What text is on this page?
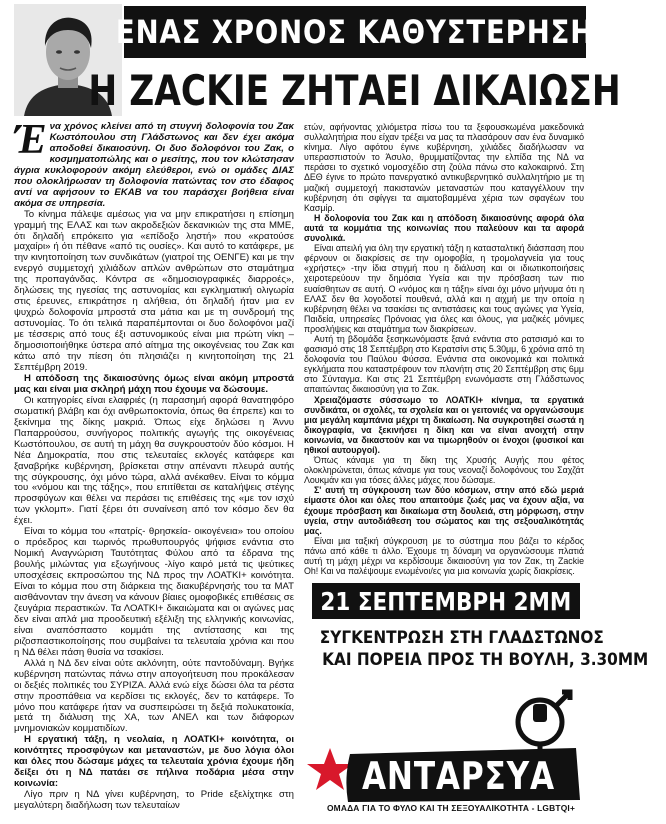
ΕΝΑΣ ΧΡΟΝΟΣ ΚΑΘΥΣΤΕΡΗΣΗ
Η ZACKIE ΖΗΤΑΕΙ ΔΙΚΑΙΩΣΗ

Ένα χρόνος κλείνει από τη στυγνή δολοφονία του Ζακ Κωστόπουλου στη Γλάδστωνος και δεν έχει ακόμα αποδοθεί δικαιοσύνη. Οι δυο δολοφόνοι του Ζακ, ο κοσμηματοπώλης και ο μεσίτης, που τον κλώτσησαν άγρια κυκλοφορούν ακόμη ελεύθεροι, ενώ οι ομάδες ΔΙΑΣ που ολοκλήρωσαν τη δολοφονία πατώντας τον στο έδαφος αντί να αφήσουν το ΕΚΑΒ να του παράσχει βοήθεια είναι ακόμα σε υπηρεσία.

Το κίνημα πάλεψε αμέσως για να μην επικρατήσει η επίσημη γραμμή της ΕΛΑΣ και των ακροδεξιών δεκανικιών της στα ΜΜΕ, ότι δηλαδή επρόκειτο για «επίδοξο ληστή» που «κρατούσε μαχαίρι» ή ότι πέθανε «από τις ουσίες». Και αυτό το κατάφερε, με την κινητοποίηση των συνδικάτων (γιατροί της ΟΕΝΓΕ) και με την ενεργό συμμετοχή χιλιάδων απλών ανθρώπων στο σταμάτημα της προπαγάνδας. Κόντρα σε «δημοσιογραφικές διαρροές», δηλώσεις της ηγεσίας της αστυνομίας και εγκληματική ολιγωρία στις έρευνες, επικράτησε η αλήθεια, ότι δηλαδή ήταν μια εν ψυχρώ δολοφονία μπροστά στα μάτια και με τη συνδρομή της αστυνομίας. Το ότι τελικά παραπέμπονται οι δυο δολοφόνοι μαζί με τέσσερις από τους έξι αστυνομικούς είναι μια πρώτη νίκη –δημοσιοποιήθηκε ύστερα από αίτημα της οικογένειας του Ζακ και κάτω από την πίεση ότι πλησιάζει η κινητοποίηση της 21 Σεπτέμβρη 2019.

Η απόδοση της δικαιοσύνης όμως είναι ακόμη μπροστά μας και είναι μια σκληρή μάχη που έχουμε να δώσουμε.

Οι κατηγορίες είναι ελαφριές (η παρασημή αφορά θανατηφόρο σωματική βλάβη και όχι ανθρωποκτονία, όπως θα έπρεπε) και το ξεκίνημα της δίκης μακριά. Όπως είχε δηλώσει η Άννυ Παπαρρούσου, συνήγορος πολιτικής αγωγής της οικογένειας Κωστόπουλου, σε αυτή τη μάχη θα συγκρουστούν δύο κόσμοι. Η Νέα Δημοκρατία, που στις τελευταίες εκλογές κατάφερε και ξαναβρήκε κυβέρνηση, βρίσκεται στην απέναντι πλευρά αυτής της σύγκρουσης, όχι μόνο τώρα, αλλά ανέκαθεν. Είναι το κόμμα του «νόμου και της τάξης», που επιτίθεται σε καταλήψεις στέγης προσφύγων και θέλει να περάσει τις επιθέσεις της «με τον ισχύ των γκλομπ». Γιατί ξέρει ότι συναίνεση από τον κόσμο δεν θα έχει.

Είναι το κόμμα του «πατρίς- θρησκεία- οικογένεια» του οποίου ο πρόεδρος και τωρινός πρωθυπουργός ψήφισε ενάντια στο Νομική Αναγνώριση Ταυτότητας Φύλου από τα έδρανα της βουλής μιλώντας για εξωγήινους -λίγο καιρό μετά τις ψεύτικες υποσχέσεις εκπροσώπου της ΝΔ προς την ΛΟΑΤΚΙ+ κοινότητα. Είναι το κόμμα που στη διάρκεια της διακυβέρνησής του τα ΜΑΤ αισθάνονταν την άνεση να κάνουν βίαιες ομοφοβικές επιθέσεις σε ζευγάρια περαστικών. Τα ΛΟΑΤΚΙ+ δικαιώματα και οι αγώνες μας δεν είναι απλά μια προοδευτική εξέλιξη της ελληνικής κοινωνίας, είναι αναπόσπαστο κομμάτι της αντίστασης και της ριζοσπαστικοποίησης που συμβαίνει τα τελευταία χρόνια και που η ΝΔ θέλει πάση θυσία να τσακίσει.

Αλλά η ΝΔ δεν είναι ούτε ακλόνητη, ούτε παντοδύναμη. Βγήκε κυβέρνηση πατώντας πάνω στην απογοήτευση που προκάλεσαν οι δεξιές πολιτικές του ΣΥΡΙΖΑ. Αλλά ενώ είχε δώσει όλα τα ρέστα στην προσπάθεια να κερδίσει τις εκλογές, δεν το κατάφερε. Το μόνο που κατάφερε ήταν να συσπειρώσει τη δεξιά πολυκατοικία, μετά τη διάλυση της ΧΑ, των ΑΝΕΛ και των διάφορων μνημονιακών κομματιδίων.

Η εργατική τάξη, η νεολαία, η ΛΟΑΤΚΙ+ κοινότητα, οι κοινότητες προσφύγων και μεταναστών, με δυο λόγια όλοι και όλες που δώσαμε μάχες τα τελευταία χρόνια έχουμε ήδη δείξει ότι η ΝΔ πατάει σε πήλινα ποδάρια μέσα στην κοινωνία:

Λίγο πριν η ΝΔ γίνει κυβέρνηση, το Pride εξελίχτηκε στη μεγαλύτερη διαδήλωση των τελευταίων

ετών, αφήνοντας χιλιόμετρα πίσω του τα ξεφουσκωμένα μακεδονικά συλλαλητήρια που είχαν τρέξει να μας τα πλασάρουν σαν ένα δυναμικό κίνημα. Λίγο αφότου έγινε κυβέρνηση, χιλιάδες διαδήλωσαν να υπερασπιστούν το Άσυλο, θρυμματίζοντας την ελπίδα της ΝΔ να περάσει το σχετικό νομοσχέδιο στη ζούλα πάνω στο καλοκαιρινό. Στη ΔΕΘ έγινε το πρώτο πανεργατικό αντικυβερνητικό συλλαλητήριο με τη μαζική συμμετοχή πακιστανών μεταναστών που καταγγέλλουν την κυβέρνηση ότι σφίγγει τα αιματοβαμμένα χέρια των σφαγέων του Κασμίρ.

Η δολοφονία του Ζακ και η απόδοση δικαιοσύνης αφορά όλα αυτά τα κομμάτια της κοινωνίας που παλεύουν και τα αφορά συνολικά.

Είναι απειλή για όλη την εργατική τάξη η κατασταλτική διάσπαση που φέρνουν οι διακρίσεις σε την ομοφοβία, η τρομολαγνεία για τους «χρήστες» -την ίδια στιγμή που η διάλυση και οι ιδιωτικοποιήσεις χειροτερεύουν την δημόσια Υγεία και την πρόσβαση των πιο ευαίσθητων σε αυτή. Ο «νόμος και η τάξη» είναι όχι μόνο μήνυμα ότι η ΕΛΑΣ δεν θα λογοδοτεί πουθενά, αλλά και η αιχμή με την οποία η κυβέρνηση θέλει να τσακίσει τις αντιστάσεις και τους αγώνες για Υγεία, Παιδεία, υπηρεσίες Πρόνοιας για όλες και όλους, για μαζικές μόνιμες προσλήψεις και σταμάτημα των διακρίσεων.

Αυτή τη βδομάδα ξεσηκωνόμαστε ξανά ενάντια στο ρατσισμό και το φασισμό στις 18 Σεπτέμβρη στο Κερατσίνι στις 5.30μμ, 6 χρόνια από τη δολοφονία του Παύλου Φύσσα. Ενάντια στα οικονομικά και πολιτικά εγκλήματα που καταστρέφουν τον πλανήτη στις 20 Σεπτέμβρη στις 6μμ στο Σύνταγμα. Και στις 21 Σεπτέμβρη ενωνόμαστε στη Γλάδστωνος απαιτώντας δικαιοσύνη για το Ζακ.

Χρειαζόμαστε σύσσωμο το ΛΟΑΤΚΙ+ κίνημα, τα εργατικά συνδικάτα, οι σχολές, τα σχολεία και οι γειτονιές να οργανώσουμε μια μεγάλη καμπάνια μέχρι τη δικαίωση. Να συγκροτηθεί σωστά η δικογραφία, να ξεκινήσει η δίκη και να είναι ανοιχτή στην κοινωνία, να δικαστούν και να τιμωρηθούν οι ένοχοι (φυσικοί και ηθικοί αυτουργοί).

Όπως κάναμε για τη δίκη της Χρυσής Αυγής που φέτος ολοκληρώνεται, όπως κάναμε για τους νεοναζί δολοφόνους του Σαχζάτ Λουκμάν και για τόσες άλλες μάχες που δώσαμε.

Σ' αυτή τη σύγκρουση των δύο κόσμων, στην από εδώ μεριά είμαστε όλοι και όλες που απαιτούμε ζωές μας να έχουν αξία, να έχουμε πρόσβαση και δικαίωμα στη δουλειά, στη μόρφωση, στην υγεία, στην αυτοδιάθεση του σώματος και της σεξουαλικότητάς μας.

Είναι μια ταξική σύγκρουση με το σύστημα που βάζει το κέρδος πάνω από κάθε τι άλλο. Έχουμε τη δύναμη να οργανώσουμε πλατιά αυτή τη μάχη μέχρι να κερδίσουμε δικαιοσύνη για τον Ζακ, τη Zackie Oh! Και να παλέψουμε ενωμένοι/ες για μια κοινωνία χωρίς διακρίσεις.

21 ΣΕΠΤΕΜΒΡΗ 2ΜΜ
ΣΥΓΚΕΝΤΡΩΣΗ ΣΤΗ ΓΛΑΔΣΤΩΝΟΣ
ΚΑΙ ΠΟΡΕΙΑ ΠΡΟΣ ΤΗ ΒΟΥΛΗ, 3.30ΜΜ
ΑΝΤΑΡΣΥΑ
ΟΜΑΔΑ ΓΙΑ ΤΟ ΦΥΛΟ ΚΑΙ ΤΗ ΣΕΞΟΥΑΛΙΚΟΤΗΤΑ - LGBTQI+
